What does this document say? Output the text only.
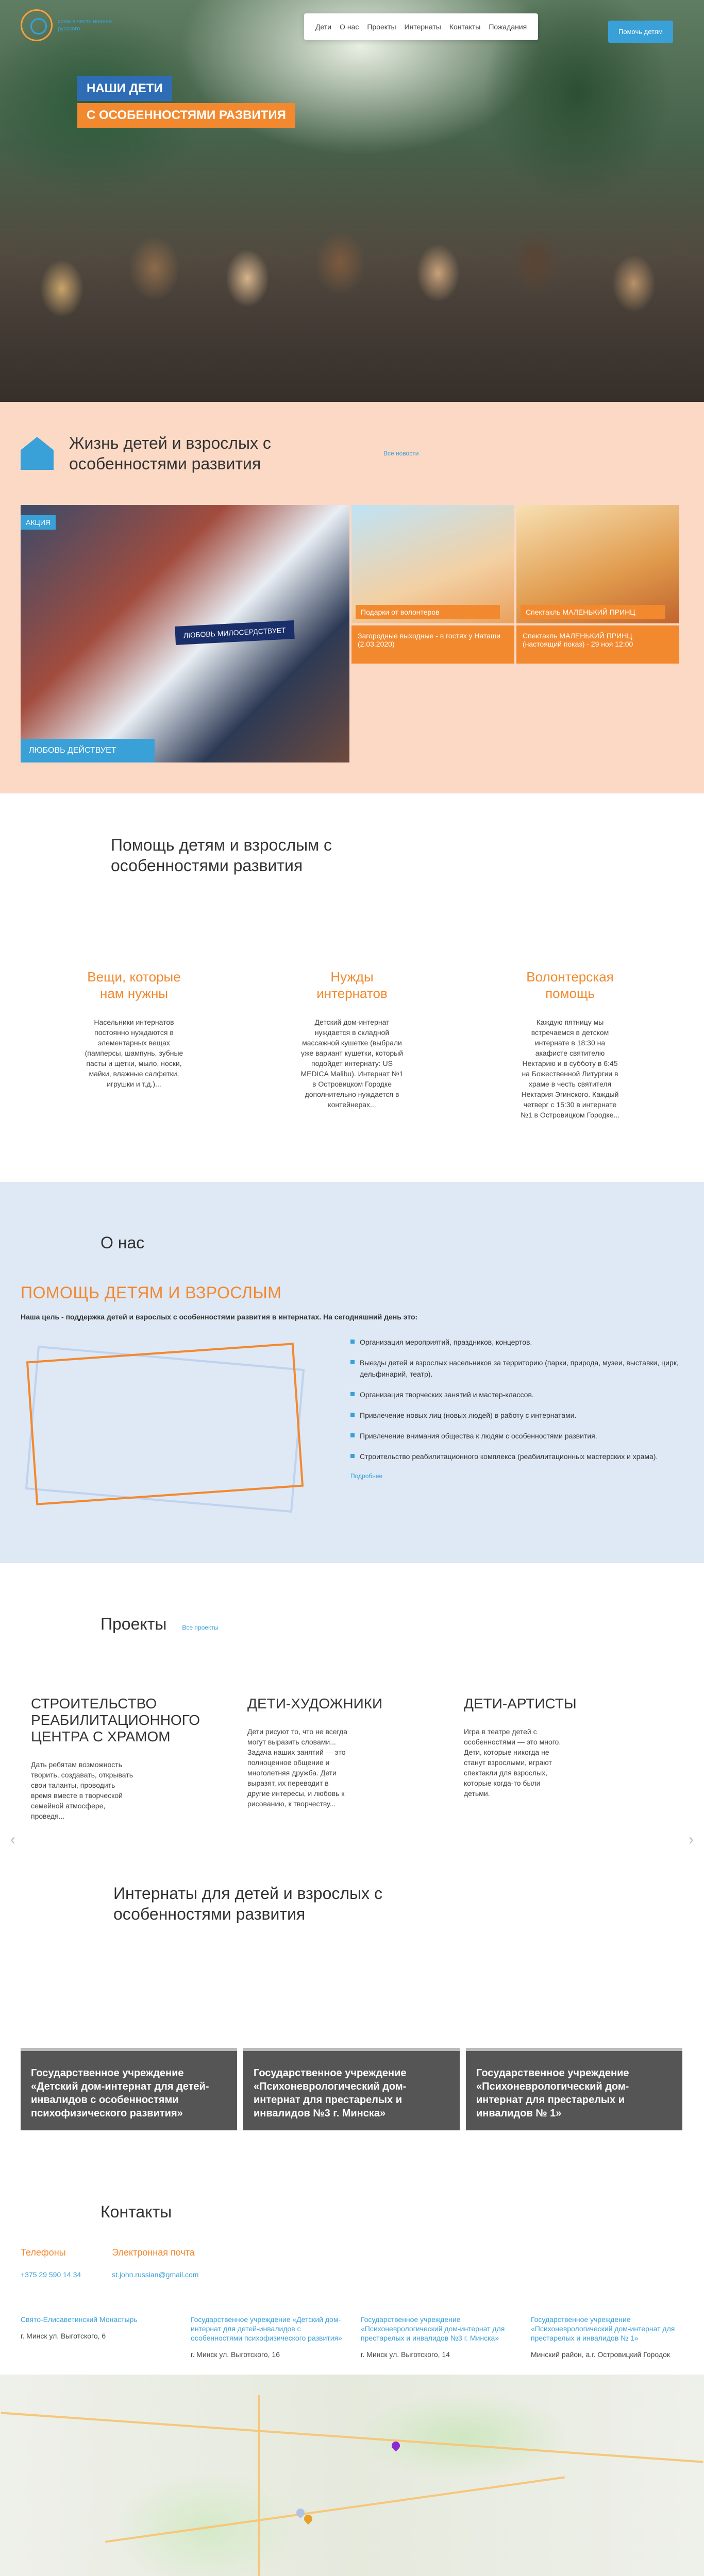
храм в честь иоанна русского	Дети О нас Проекты Интернаты Контакты Пожадания
Помочь детям
НАШИ ДЕТИ
С ОСОБЕННОСТЯМИ РАЗВИТИЯ
Жизнь детей и взрослых с особенностями развития
Все новости
АКЦИЯ
ЛЮБОВЬ МИЛОСЕРДСТВУЕТ
ЛЮБОВЬ ДЕЙСТВУЕТ
Подарки от волонтеров
Загородные выходные - в гостях у Наташи (2.03.2020)
Спектакль МАЛЕНЬКИЙ ПРИНЦ
Спектакль МАЛЕНЬКИЙ ПРИНЦ (настоящий показ) - 29 ноя 12:00
Помощь детям и взрослым с особенностями развития
Вещи, которые нам нужны
Насельники интернатов постоянно нуждаются в элементарных вещах (памперсы, шампунь, зубные пасты и щетки, мыло, носки, майки, влажные салфетки, игрушки и т.д.)...
Нужды интернатов
Детский дом-интернат нуждается в складной массажной кушетке (выбрали уже вариант кушетки, который подойдет интернату: US MEDICA Malibu). Интернат №1 в Островицком Городке дополнительно нуждается в контейнерах...
Волонтерская помощь
Каждую пятницу мы встречаемся в детском интернате в 18:30 на акафисте святителю Нектарию и в субботу в 6:45 на Божественной Литургии в храме в честь святителя Нектария Эгинского. Каждый четверг с 15:30 в интернате №1 в Островицком Городке...
О нас
ПОМОЩЬ ДЕТЯМ И ВЗРОСЛЫМ
Наша цель - поддержка детей и взрослых с особенностями развития в интернатах. На сегодняшний день это:
Организация мероприятий, праздников, концертов.
Выезды детей и взрослых насельников за территорию (парки, природа, музеи, выставки, цирк, дельфинарий, театр).
Организация творческих занятий и мастер-классов.
Привлечение новых лиц (новых людей) в работу с интернатами.
Привлечение внимания общества к людям с особенностями развития.
Строительство реабилитационного комплекса (реабилитационных мастерских и храма).
Подробнее
Проекты	Все проекты
‹	›
СТРОИТЕЛЬСТВО РЕАБИЛИТАЦИОННОГО ЦЕНТРА С ХРАМОМ
Дать ребятам возможность творить, создавать, открывать свои таланты, проводить время вместе в творческой семейной атмосфере, проведя...
ДЕТИ-ХУДОЖНИКИ
Дети рисуют то, что не всегда могут выразить словами... Задача наших занятий — это полноценное общение и многолетняя дружба. Дети выразят, их переводит в другие интересы, и любовь к рисованию, к творчеству...
ДЕТИ-АРТИСТЫ
Игра в театре детей с особенностями — это много. Дети, которые никогда не станут взрослыми, играют спектакли для взрослых, которые когда-то были детьми.
Интернаты для детей и взрослых с особенностями развития
Государственное учреждение «Детский дом-интернат для детей-инвалидов с особенностями психофизического развития»
Государственное учреждение «Психоневрологический дом-интернат для престарелых и инвалидов №3 г. Минска»
Государственное учреждение «Психоневрологический дом-интернат для престарелых и инвалидов № 1»
Контакты
Телефоны
+375 29 590 14 34
Электронная почта
st.john.russian@gmail.com
Свято-Елисаветинский Монастырь
г. Минск ул. Выготского, 6
Государственное учреждение «Детский дом-интернат для детей-инвалидов с особенностями психофизического развития»
г. Минск ул. Выготского, 16
Государственное учреждение «Психоневрологический дом-интернат для престарелых и инвалидов №3 г. Минска»
г. Минск ул. Выготского, 14
Государственное учреждение «Психоневрологический дом-интернат для престарелых и инвалидов № 1»
Минский район, а.г. Островицкий Городок
